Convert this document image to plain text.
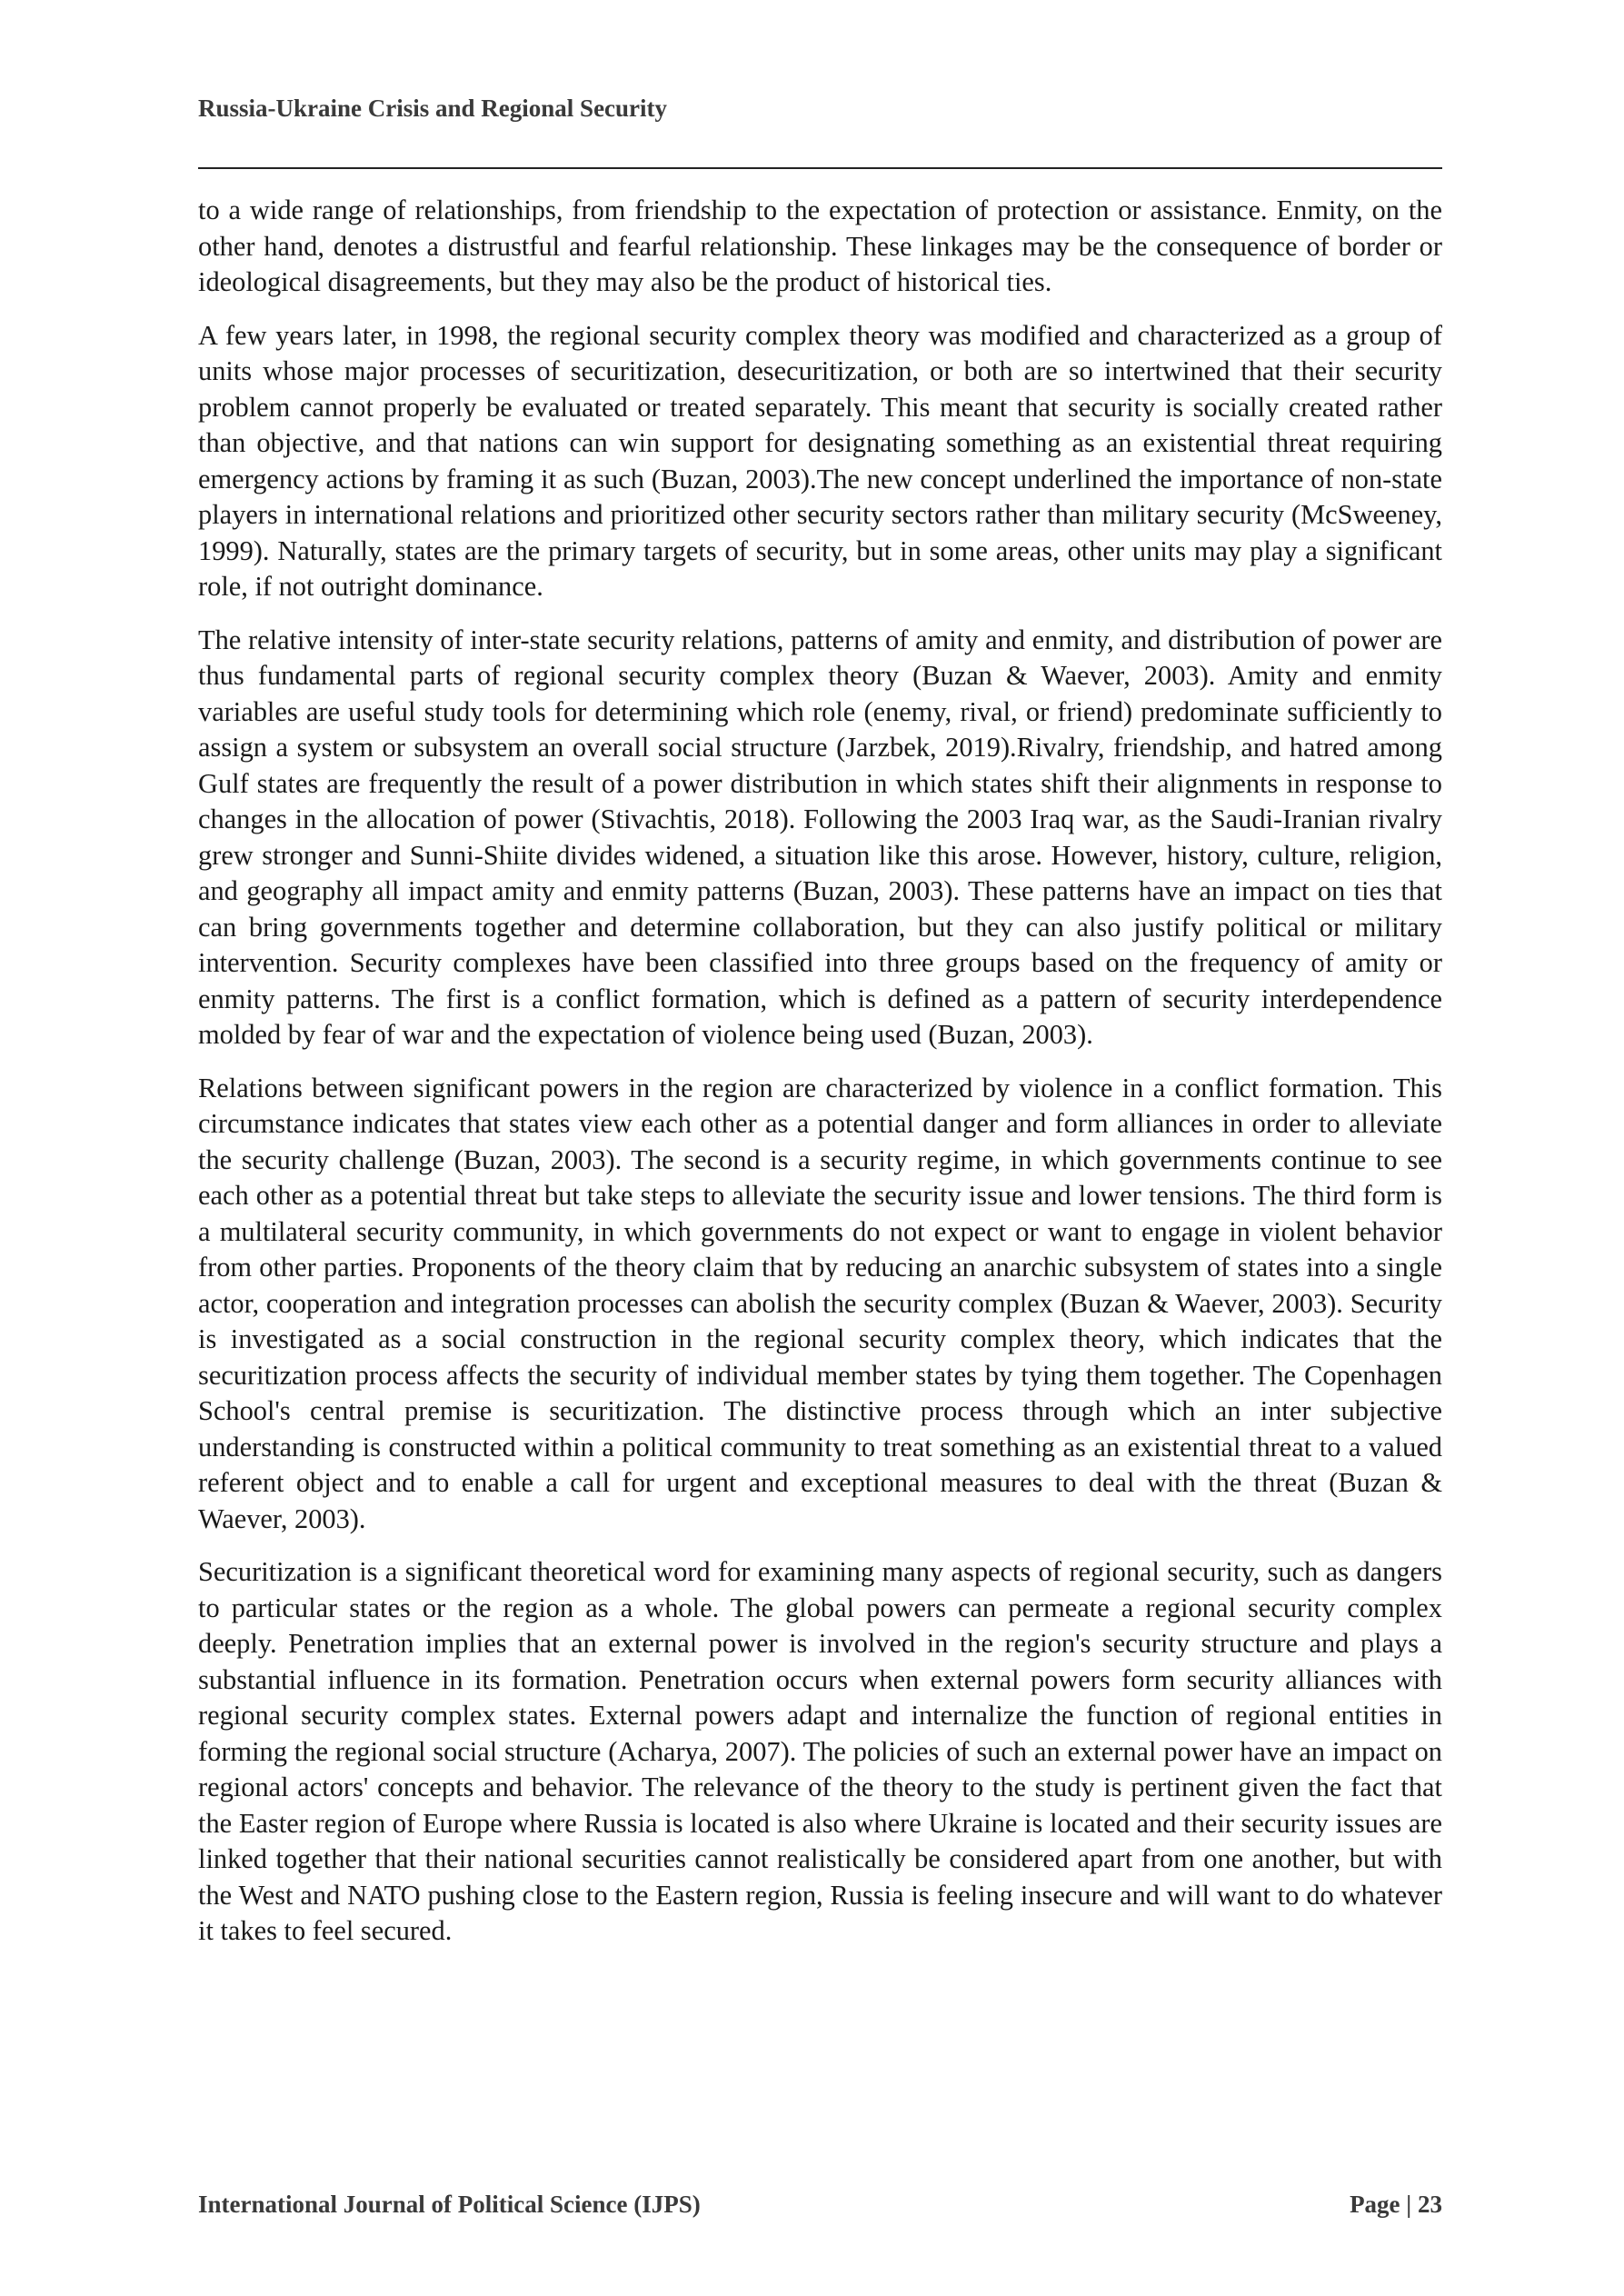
Russia-Ukraine Crisis and Regional Security

to a wide range of relationships, from friendship to the expectation of protection or assistance. Enmity, on the other hand, denotes a distrustful and fearful relationship. These linkages may be the consequence of border or ideological disagreements, but they may also be the product of historical ties.

A few years later, in 1998, the regional security complex theory was modified and characterized as a group of units whose major processes of securitization, desecuritization, or both are so intertwined that their security problem cannot properly be evaluated or treated separately. This meant that security is socially created rather than objective, and that nations can win support for designating something as an existential threat requiring emergency actions by framing it as such (Buzan, 2003).The new concept underlined the importance of non-state players in international relations and prioritized other security sectors rather than military security (McSweeney, 1999). Naturally, states are the primary targets of security, but in some areas, other units may play a significant role, if not outright dominance.

The relative intensity of inter-state security relations, patterns of amity and enmity, and distribution of power are thus fundamental parts of regional security complex theory (Buzan & Waever, 2003). Amity and enmity variables are useful study tools for determining which role (enemy, rival, or friend) predominate sufficiently to assign a system or subsystem an overall social structure (Jarzbek, 2019).Rivalry, friendship, and hatred among Gulf states are frequently the result of a power distribution in which states shift their alignments in response to changes in the allocation of power (Stivachtis, 2018). Following the 2003 Iraq war, as the Saudi-Iranian rivalry grew stronger and Sunni-Shiite divides widened, a situation like this arose. However, history, culture, religion, and geography all impact amity and enmity patterns (Buzan, 2003). These patterns have an impact on ties that can bring governments together and determine collaboration, but they can also justify political or military intervention. Security complexes have been classified into three groups based on the frequency of amity or enmity patterns. The first is a conflict formation, which is defined as a pattern of security interdependence molded by fear of war and the expectation of violence being used (Buzan, 2003).

Relations between significant powers in the region are characterized by violence in a conflict formation. This circumstance indicates that states view each other as a potential danger and form alliances in order to alleviate the security challenge (Buzan, 2003). The second is a security regime, in which governments continue to see each other as a potential threat but take steps to alleviate the security issue and lower tensions. The third form is a multilateral security community, in which governments do not expect or want to engage in violent behavior from other parties. Proponents of the theory claim that by reducing an anarchic subsystem of states into a single actor, cooperation and integration processes can abolish the security complex (Buzan & Waever, 2003). Security is investigated as a social construction in the regional security complex theory, which indicates that the securitization process affects the security of individual member states by tying them together. The Copenhagen School's central premise is securitization. The distinctive process through which an inter subjective understanding is constructed within a political community to treat something as an existential threat to a valued referent object and to enable a call for urgent and exceptional measures to deal with the threat (Buzan & Waever, 2003).

Securitization is a significant theoretical word for examining many aspects of regional security, such as dangers to particular states or the region as a whole. The global powers can permeate a regional security complex deeply. Penetration implies that an external power is involved in the region's security structure and plays a substantial influence in its formation. Penetration occurs when external powers form security alliances with regional security complex states. External powers adapt and internalize the function of regional entities in forming the regional social structure (Acharya, 2007). The policies of such an external power have an impact on regional actors' concepts and behavior. The relevance of the theory to the study is pertinent given the fact that the Easter region of Europe where Russia is located is also where Ukraine is located and their security issues are linked together that their national securities cannot realistically be considered apart from one another, but with the West and NATO pushing close to the Eastern region, Russia is feeling insecure and will want to do whatever it takes to feel secured.

International Journal of Political Science (IJPS)	Page | 23
